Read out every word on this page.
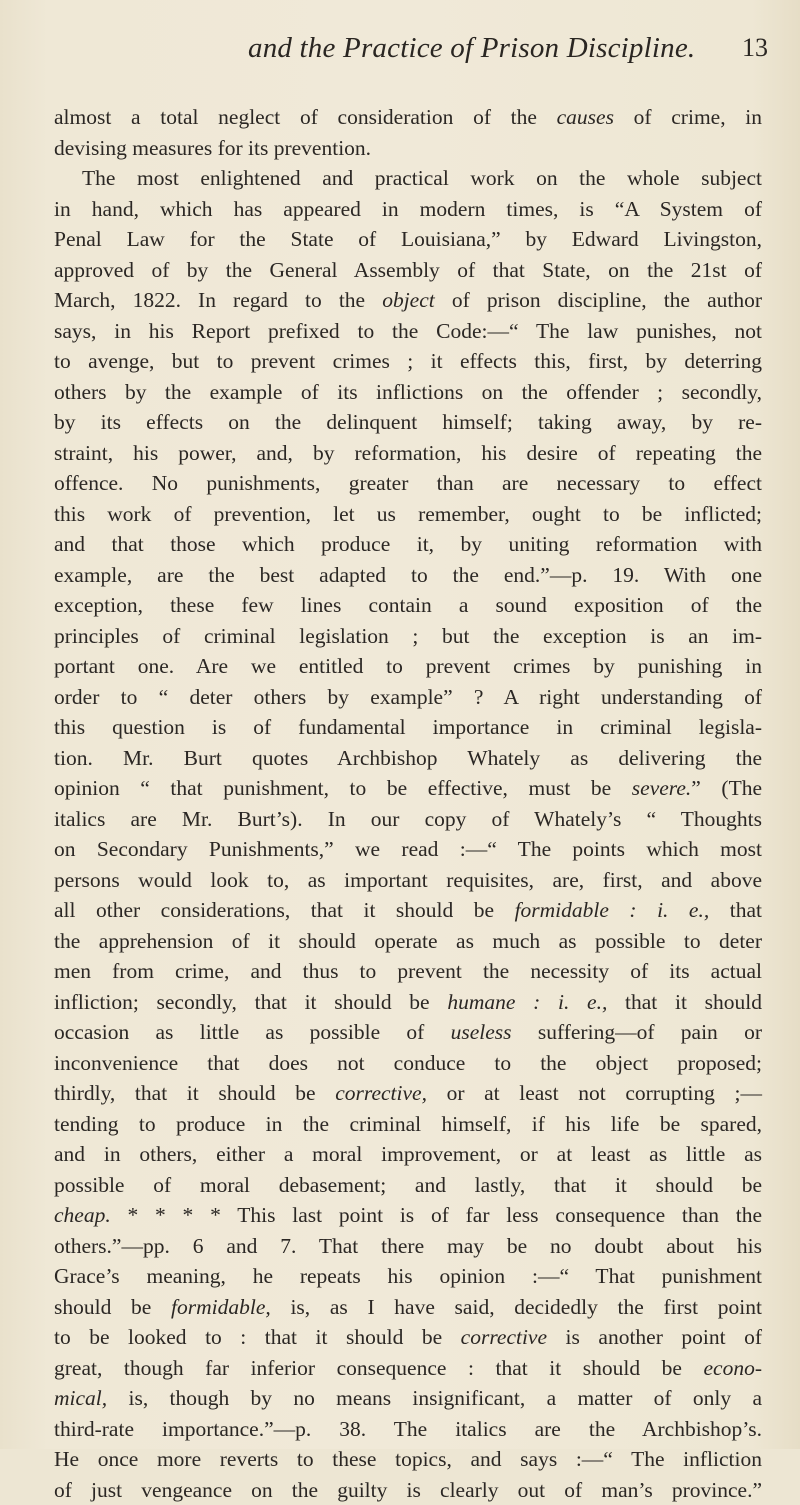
and the Practice of Prison Discipline. 13
almost a total neglect of consideration of the causes of crime, in
devising measures for its prevention.
The most enlightened and practical work on the whole subject
in hand, which has appeared in modern times, is “A System of
Penal Law for the State of Louisiana,” by Edward Livingston,
approved of by the General Assembly of that State, on the 21st of
March, 1822. In regard to the object of prison discipline, the author
says, in his Report prefixed to the Code:—“ The law punishes, not
to avenge, but to prevent crimes ; it effects this, first, by deterring
others by the example of its inflictions on the offender ; secondly,
by its effects on the delinquent himself; taking away, by re-
straint, his power, and, by reformation, his desire of repeating the
offence. No punishments, greater than are necessary to effect
this work of prevention, let us remember, ought to be inflicted;
and that those which produce it, by uniting reformation with
example, are the best adapted to the end.”—p. 19. With one
exception, these few lines contain a sound exposition of the
principles of criminal legislation ; but the exception is an im-
portant one. Are we entitled to prevent crimes by punishing in
order to “ deter others by example” ? A right understanding of
this question is of fundamental importance in criminal legisla-
tion. Mr. Burt quotes Archbishop Whately as delivering the
opinion “ that punishment, to be effective, must be severe.” (The
italics are Mr. Burt’s). In our copy of Whately’s “ Thoughts
on Secondary Punishments,” we read :—“ The points which most
persons would look to, as important requisites, are, first, and above
all other considerations, that it should be formidable : i. e., that
the apprehension of it should operate as much as possible to deter
men from crime, and thus to prevent the necessity of its actual
infliction; secondly, that it should be humane : i. e., that it should
occasion as little as possible of useless suffering—of pain or
inconvenience that does not conduce to the object proposed;
thirdly, that it should be corrective, or at least not corrupting ;—
tending to produce in the criminal himself, if his life be spared,
and in others, either a moral improvement, or at least as little as
possible of moral debasement; and lastly, that it should be
cheap. * * * * This last point is of far less consequence than the
others.”—pp. 6 and 7. That there may be no doubt about his
Grace’s meaning, he repeats his opinion :—“ That punishment
should be formidable, is, as I have said, decidedly the first point
to be looked to : that it should be corrective is another point of
great, though far inferior consequence : that it should be econo-
mical, is, though by no means insignificant, a matter of only a
third-rate importance.”—p. 38. The italics are the Archbishop’s.
He once more reverts to these topics, and says :—“ The infliction
of just vengeance on the guilty is clearly out of man’s province.”
